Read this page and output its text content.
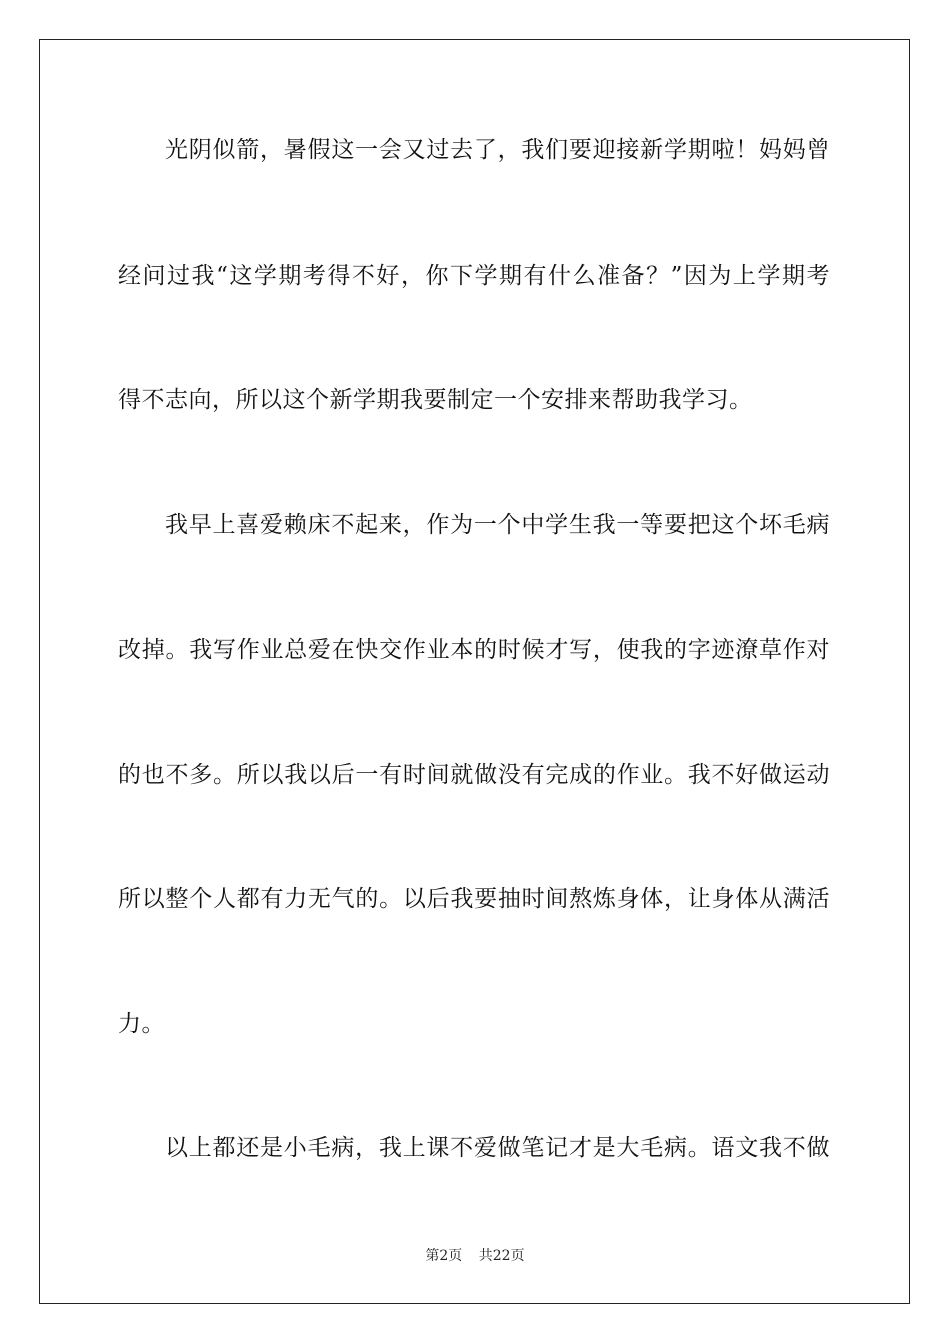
光阴似箭，暑假这一会又过去了，我们要迎接新学期啦！妈妈曾
经问过我“这学期考得不好，你下学期有什么准备？”因为上学期考
得不志向，所以这个新学期我要制定一个安排来帮助我学习。
我早上喜爱赖床不起来，作为一个中学生我一等要把这个坏毛病
改掉。我写作业总爱在快交作业本的时候才写，使我的字迹潦草作对
的也不多。所以我以后一有时间就做没有完成的作业。我不好做运动
所以整个人都有力无气的。以后我要抽时间熬炼身体，让身体从满活
力。
以上都还是小毛病，我上课不爱做笔记才是大毛病。语文我不做
第2页 共22页
